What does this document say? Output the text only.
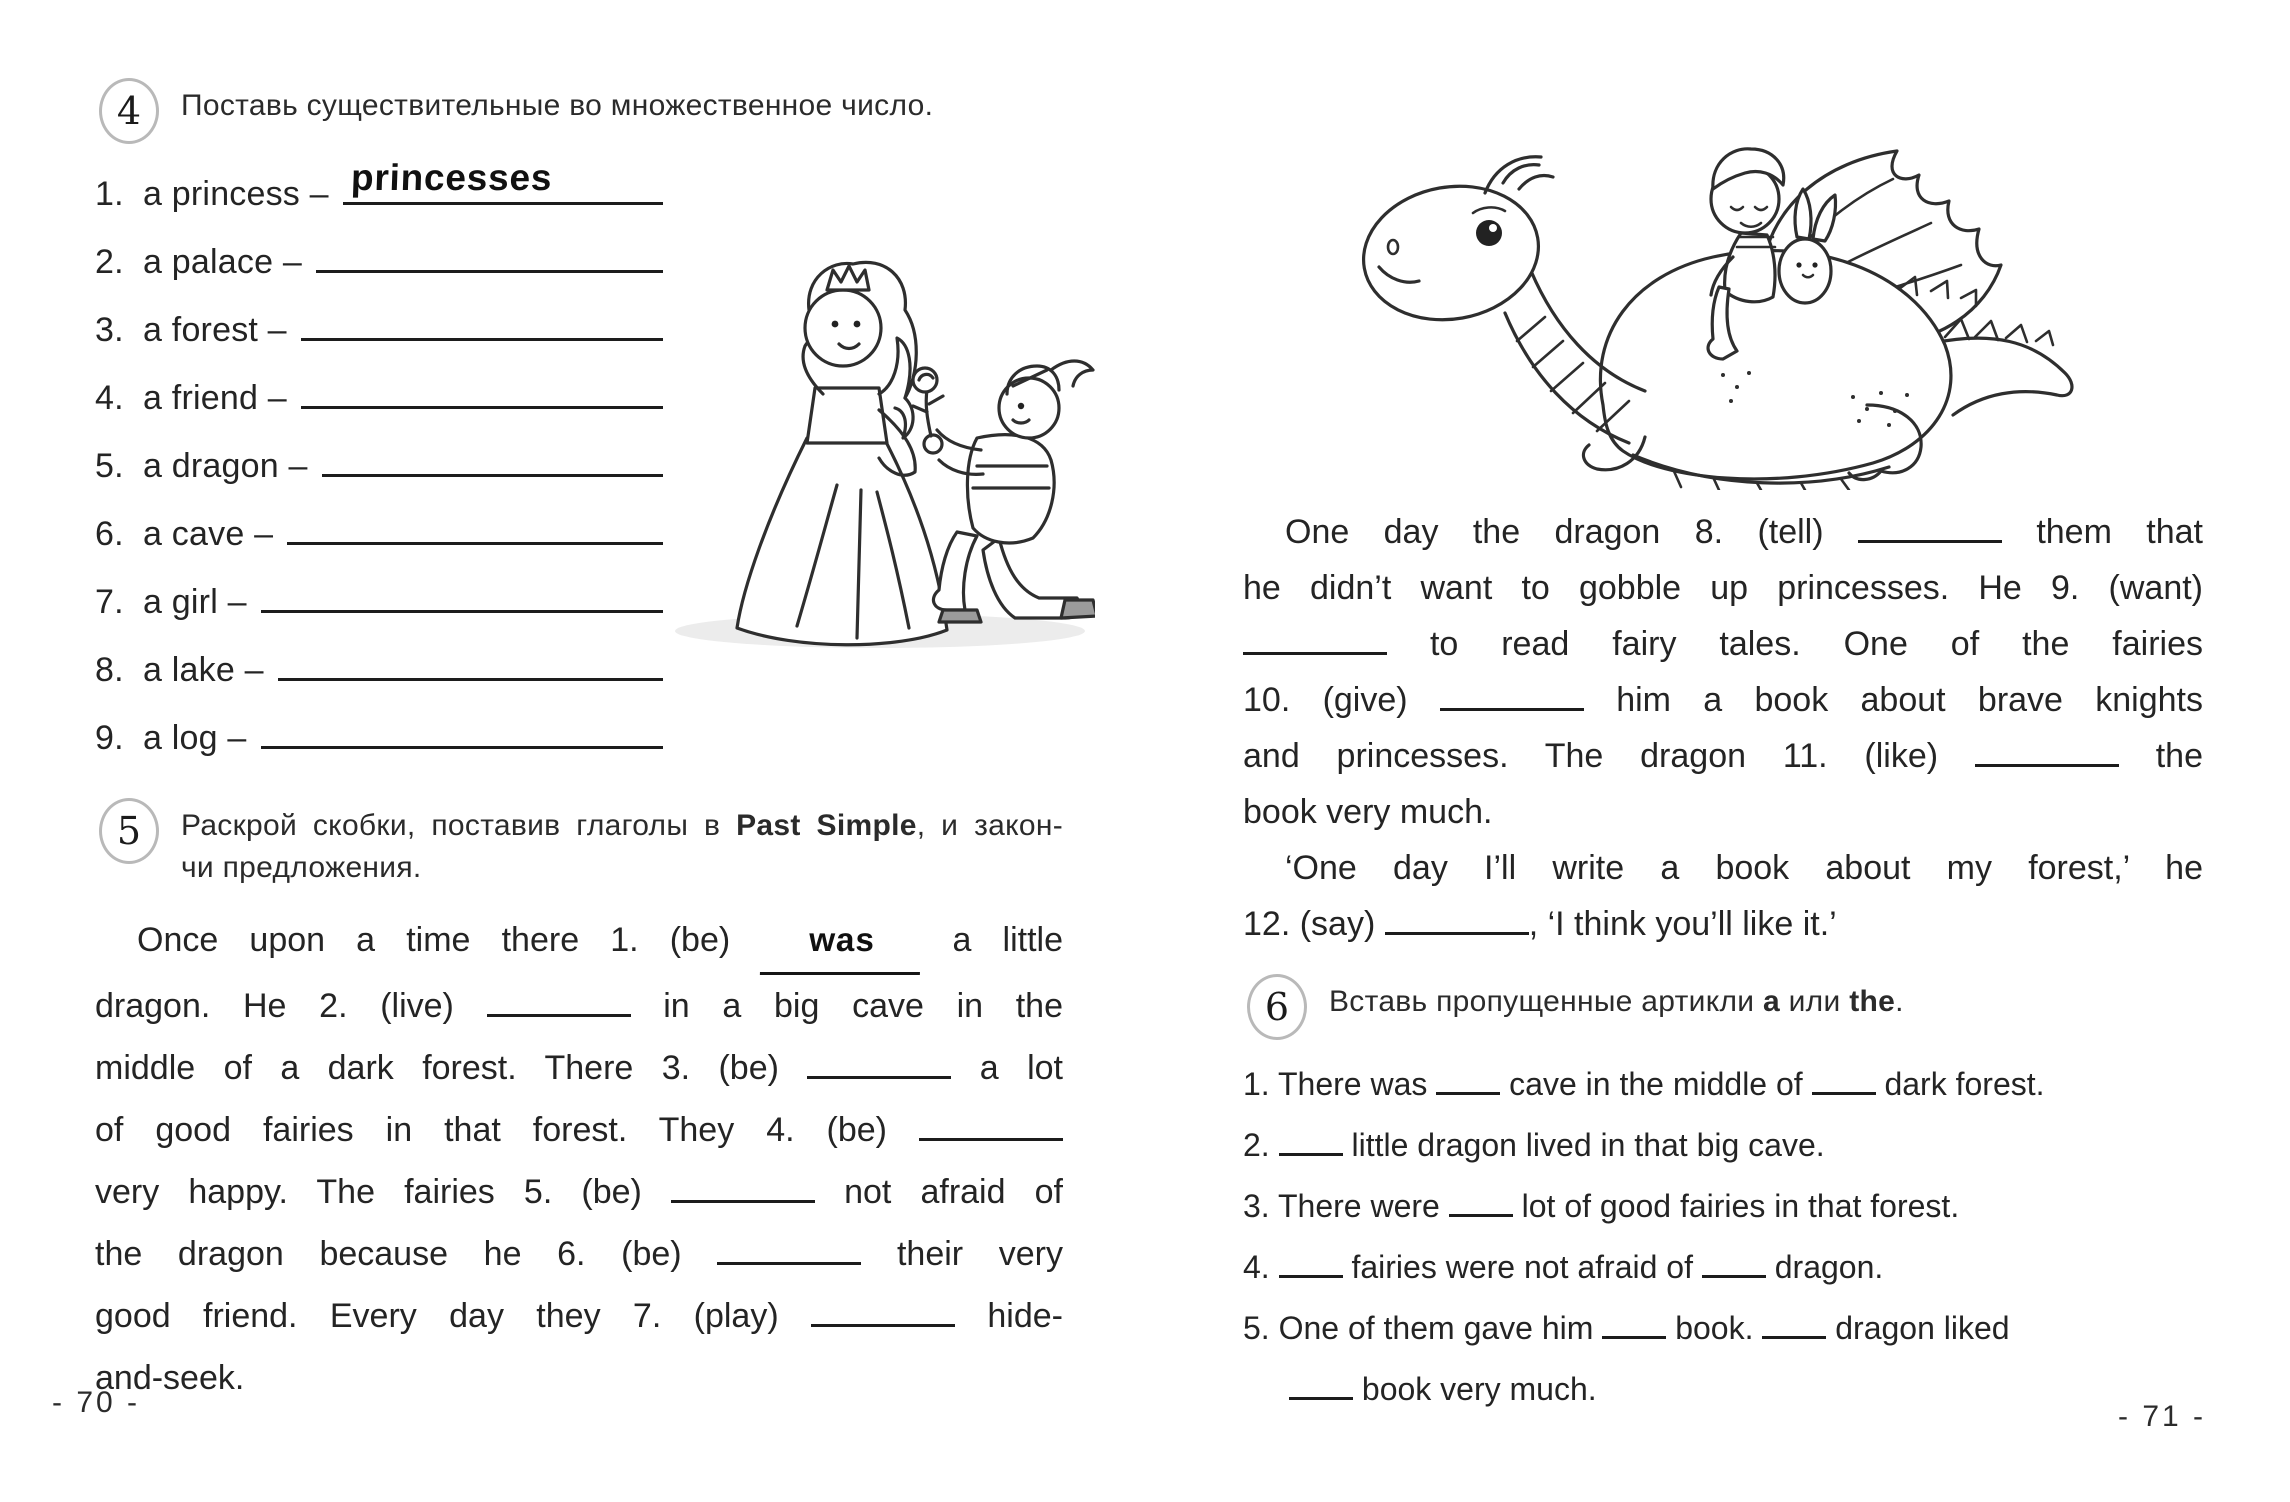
4 Поставь существительные во множественное число.
1.  a princess – princesses
2.  a palace –
3.  a forest –
4.  a friend –
5.  a dragon –
6.  a cave –
7.  a girl –
8.  a lake –
9.  a log –
5 Раскрой скобки, поставив глаголы в Past Simple, и закон-
чи предложения.
Once upon a time there 1. (be) was a little
dragon. He 2. (live)	in a big cave in the
middle of a dark forest. There 3. (be)	a lot
of good fairies in that forest. They 4. (be)
very happy. The fairies 5. (be)	not afraid of
the dragon because he 6. (be)	their very
good friend. Every day they 7. (play)	hide-
and-seek.
One day the dragon 8. (tell)	them that
he didn’t want to gobble up princesses. He 9. (want)
to read fairy tales. One of the fairies
10. (give)	him a book about brave knights
and princesses. The dragon 11. (like)	the
book very much.
‘One day I’ll write a book about my forest,’ he
12. (say)	, ‘I think you’ll like it.’
6 Вставь пропущенные артикли a или the.
1. There was  cave in the middle of  dark forest.
2.  little dragon lived in that big cave.
3. There were  lot of good fairies in that forest.
4.  fairies were not afraid of  dragon.
5. One of them gave him  book.  dragon liked
book very much.
- 70 -	- 71 -
